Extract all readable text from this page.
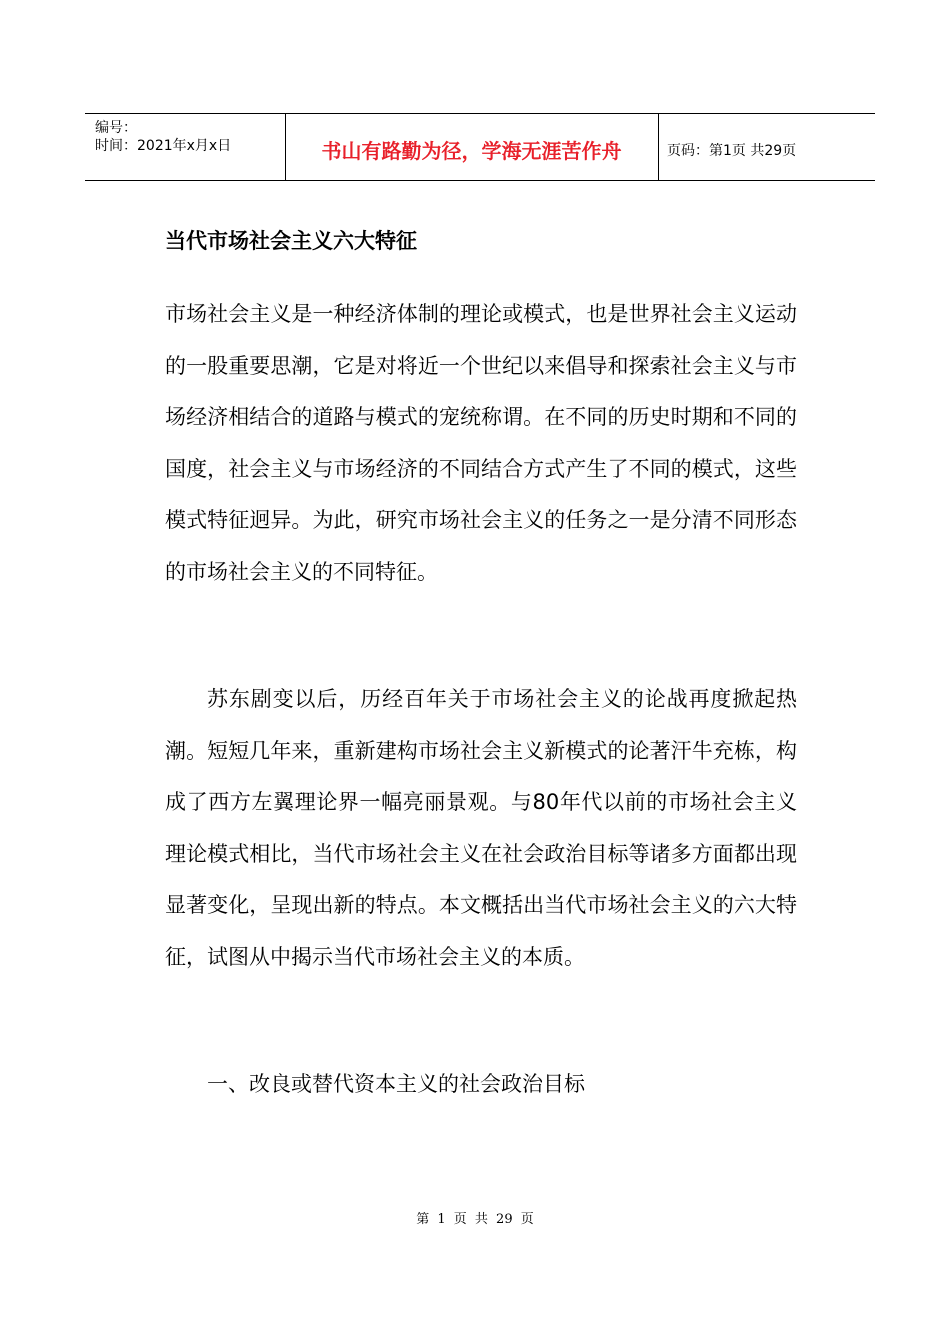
编号：
时间：2021年x月x日	书山有路勤为径，学海无涯苦作舟	页码：第1页 共29页
当代市场社会主义六大特征

市场社会主义是一种经济体制的理论或模式，也是世界社会主义运动的一股重要思潮，它是对将近一个世纪以来倡导和探索社会主义与市场经济相结合的道路与模式的宠统称谓。在不同的历史时期和不同的国度，社会主义与市场经济的不同结合方式产生了不同的模式，这些模式特征迥异。为此，研究市场社会主义的任务之一是分清不同形态的市场社会主义的不同特征。

苏东剧变以后，历经百年关于市场社会主义的论战再度掀起热潮。短短几年来，重新建构市场社会主义新模式的论著汗牛充栋，构成了西方左翼理论界一幅亮丽景观。与80年代以前的市场社会主义理论模式相比，当代市场社会主义在社会政治目标等诸多方面都出现显著变化，呈现出新的特点。本文概括出当代市场社会主义的六大特征，试图从中揭示当代市场社会主义的本质。

一、改良或替代资本主义的社会政治目标

第 1 页 共 29 页
